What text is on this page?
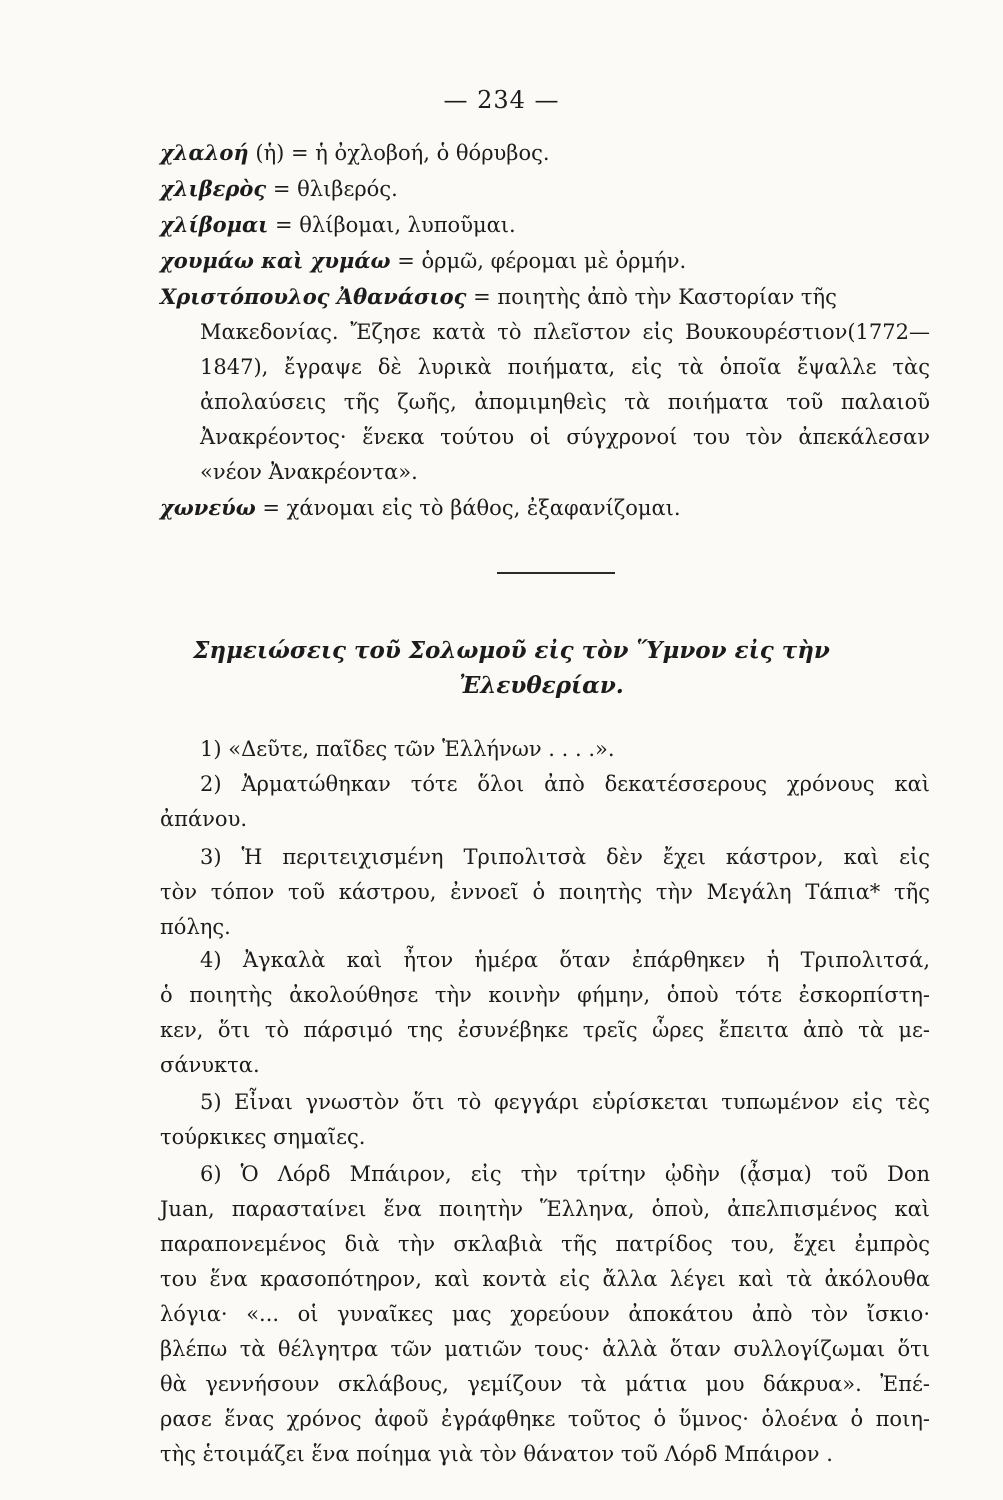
— 234 —
χλαλοή (ἡ) = ἡ ὀχλοβοή, ὁ θόρυβος.
χλιβερὸς = θλιβερός.
χλίβομαι = θλίβομαι, λυποῦμαι.
χουμάω καὶ χυμάω = ὁρμῶ, φέρομαι μὲ ὁρμήν.
Χριστόπουλος Ἀθανάσιος = ποιητὴς ἀπὸ τὴν Καστορίαν τῆς
Μακεδονίας. Ἔζησε κατὰ τὸ πλεῖστον εἰς Βουκουρέστιον(1772—
1847), ἔγραψε δὲ λυρικὰ ποιήματα, εἰς τὰ ὁποῖα ἔψαλλε τὰς
ἀπολαύσεις τῆς ζωῆς, ἀπομιμηθεὶς τὰ ποιήματα τοῦ παλαιοῦ
Ἀνακρέοντος· ἕνεκα τούτου οἱ σύγχρονοί του τὸν ἀπεκάλεσαν
«νέον Ἀνακρέοντα».
χωνεύω = χάνομαι εἰς τὸ βάθος, ἐξαφανίζομαι.
Σημειώσεις τοῦ Σολωμοῦ εἰς τὸν Ὕμνον εἰς τὴν
Ἐλευθερίαν.
1) «Δεῦτε, παῖδες τῶν Ἑλλήνων . . . .».
2) Ἀρματώθηκαν τότε ὅλοι ἀπὸ δεκατέσσερους χρόνους καὶ
ἀπάνου.
3) Ἡ περιτειχισμένη Τριπολιτσὰ δὲν ἔχει κάστρον, καὶ εἰς
τὸν τόπον τοῦ κάστρου, ἐννοεῖ ὁ ποιητὴς τὴν Μεγάλη Τάπια* τῆς
πόλης.
4) Ἀγκαλὰ καὶ ἦτον ἡμέρα ὅταν ἐπάρθηκεν ἡ Τριπολιτσά,
ὁ ποιητὴς ἀκολούθησε τὴν κοινὴν φήμην, ὁποὺ τότε ἐσκορπίστη-
κεν, ὅτι τὸ πάρσιμό της ἐσυνέβηκε τρεῖς ὧρες ἔπειτα ἀπὸ τὰ με-
σάνυκτα.
5) Εἶναι γνωστὸν ὅτι τὸ φεγγάρι εὑρίσκεται τυπωμένον εἰς τὲς
τούρκικες σημαῖες.
6) Ὁ Λόρδ Μπάιρον, εἰς τὴν τρίτην ᾠδὴν (ᾆσμα) τοῦ Don
Juan, παρασταίνει ἕνα ποιητὴν Ἕλληνα, ὁποὺ, ἀπελπισμένος καὶ
παραπονεμένος διὰ τὴν σκλαβιὰ τῆς πατρίδος του, ἔχει ἐμπρὸς
του ἕνα κρασοπότηρον, καὶ κοντὰ εἰς ἄλλα λέγει καὶ τὰ ἀκόλουθα
λόγια· «... οἱ γυναῖκες μας χορεύουν ἀποκάτου ἀπὸ τὸν ἴσκιο·
βλέπω τὰ θέλγητρα τῶν ματιῶν τους· ἀλλὰ ὅταν συλλογίζωμαι ὅτι
θὰ γεννήσουν σκλάβους, γεμίζουν τὰ μάτια μου δάκρυα». Ἐπέ-
ρασε ἕνας χρόνος ἀφοῦ ἐγράφθηκε τοῦτος ὁ ὕμνος· ὁλοένα ὁ ποιη-
τὴς ἑτοιμάζει ἕνα ποίημα γιὰ τὸν θάνατον τοῦ Λόρδ Μπάιρον .
